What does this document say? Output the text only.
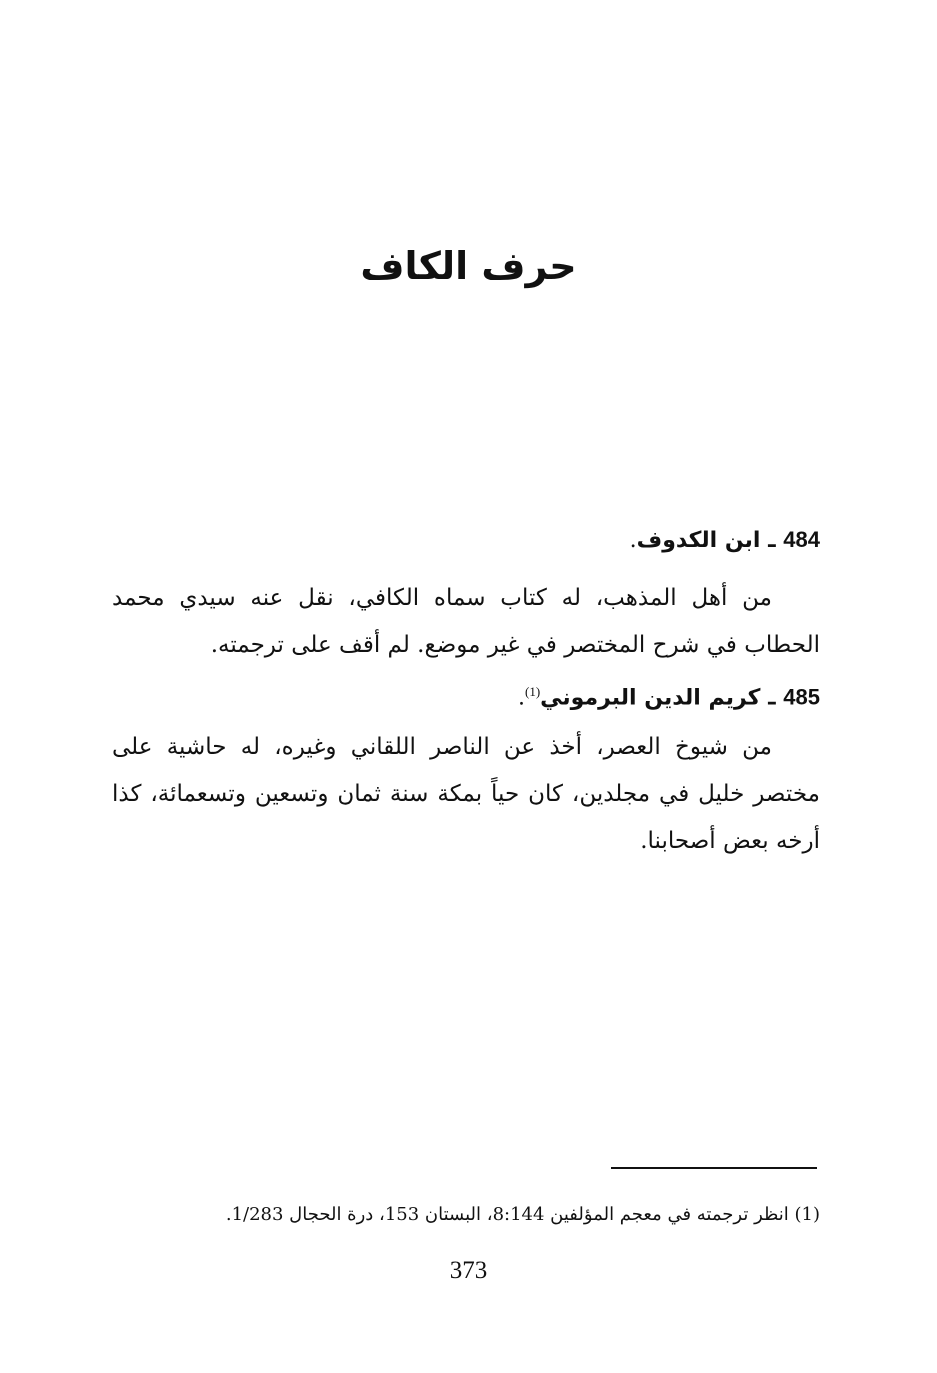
حرف الكاف
484 ـ ابن الكدوف.
من أهل المذهب، له كتاب سماه الكافي، نقل عنه سيدي محمد الحطاب في شرح المختصر في غير موضع. لم أقف على ترجمته.
485 ـ كريم الدين البرموني$^{(1)}$.
من شيوخ العصر، أخذ عن الناصر اللقاني وغيره، له حاشية على مختصر خليل في مجلدين، كان حياً بمكة سنة ثمان وتسعين وتسعمائة، كذا أرخه بعض أصحابنا.
(1) انظر ترجمته في معجم المؤلفين 8:144، البستان 153، درة الحجال 1/283.
373
